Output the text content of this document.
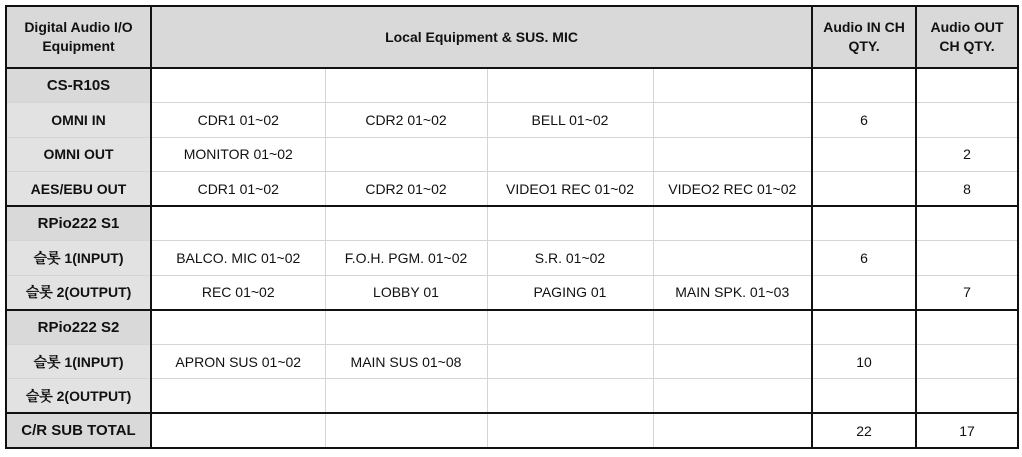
Digital Audio I/O Equipment	Local Equipment & SUS. MIC				Audio IN CH QTY.	Audio OUT CH QTY.
CS-R10S						
OMNI IN	CDR1 01~02	CDR2 01~02	BELL 01~02		6	
OMNI OUT	MONITOR 01~02					2
AES/EBU OUT	CDR1 01~02	CDR2 01~02	VIDEO1 REC 01~02	VIDEO2 REC 01~02		8
RPio222 S1						
슬롯 1(INPUT)	BALCO. MIC 01~02	F.O.H. PGM. 01~02	S.R. 01~02		6	
슬롯 2(OUTPUT)	REC 01~02	LOBBY 01	PAGING 01	MAIN SPK. 01~03		7
RPio222 S2						
슬롯 1(INPUT)	APRON SUS 01~02	MAIN SUS 01~08			10	
슬롯 2(OUTPUT)						
C/R SUB TOTAL					22	17
